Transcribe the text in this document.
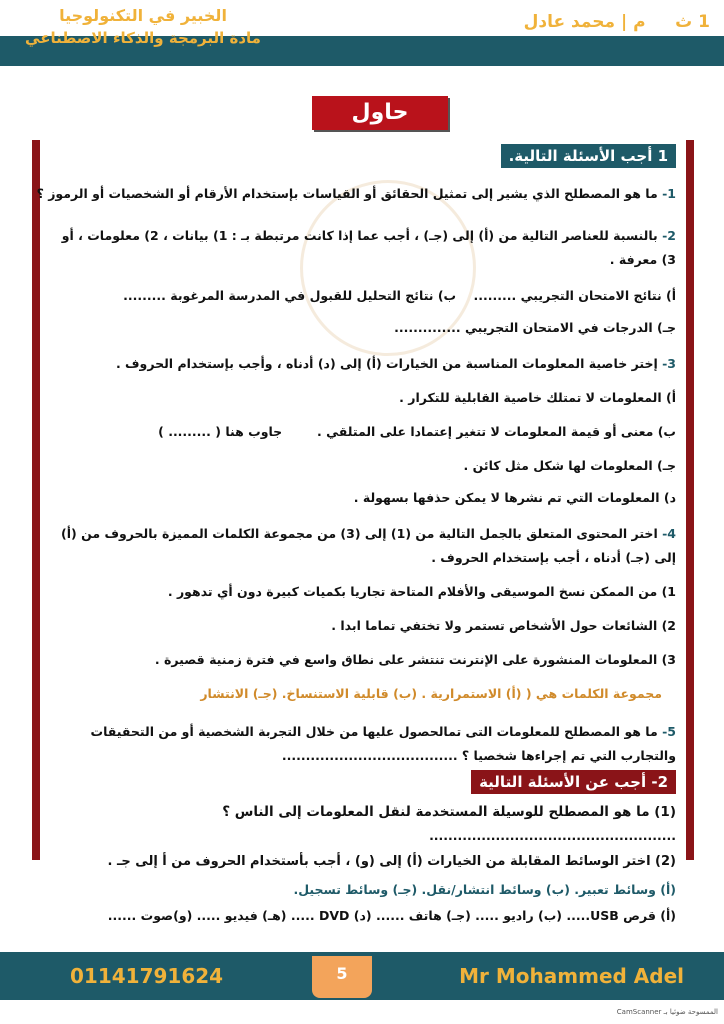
الخبير في التكنولوجيا
مادة البرمجة والذكاء الاصطناعي
1 ث     م | محمد عادل
حاول بنفسك	1 أجب الأسئلة التالية.
1- ما هو المصطلح الذي يشير إلى تمثيل الحقائق أو القياسات بإستخدام الأرقام أو الشخصيات أو الرموز ؟
2- بالنسبة للعناصر التالية من (أ) إلى (جـ) ، أجب عما إذا كانت مرتبطة بـ : 1) بيانات ، 2) معلومات ، أو 3) معرفة .
أ) نتائج الامتحان التجريبي .........    ب) نتائج التحليل للقبول في المدرسة المرغوبة .........
جـ) الدرجات في الامتحان التجريبي ..............
3- إختر خاصية المعلومات المناسبة من الخيارات (أ) إلى (د) أدناه ، وأجب بإستخدام الحروف .
أ) المعلومات لا تمتلك خاصية القابلية للتكرار .
ب) معنى أو قيمة المعلومات لا تتغير إعتمادا على المتلقي .        جاوب هنا ( ......... )
جـ) المعلومات لها شكل مثل كائن .
د) المعلومات التي تم نشرها لا يمكن حذفها بسهولة .
4- اختر المحتوى المتعلق بالجمل التالية من (1) إلى (3) من مجموعة الكلمات المميزة بالحروف من (أ) إلى (جـ) أدناه ، أجب بإستخدام الحروف .
1) من الممكن نسخ الموسيقى والأفلام المتاحة تجاريا بكميات كبيرة دون أي تدهور .
2) الشائعات حول الأشخاص تستمر ولا تختفي تماما ابدا .
3) المعلومات المنشورة على الإنترنت تنتشر على نطاق واسع في فترة زمنية قصيرة .
مجموعة الكلمات هي ( (أ) الاستمرارية . (ب) قابلية الاستنساخ. (جـ) الانتشار
5- ما هو المصطلح للمعلومات التى تمالحصول عليها من خلال التجربة الشخصية أو من التحقيقات والتجارب التي تم إجراءها شخصيا ؟ .....................................
2- أجب عن الأسئلة التالية
(1) ما هو المصطلح للوسيلة المستخدمة لنقل المعلومات إلى الناس ؟
....................................................
(2) اختر الوسائط المقابلة من الخيارات (أ) إلى (و) ، أجب بأستخدام الحروف من أ إلى جـ .
(أ) وسائط تعبير. (ب) وسائط انتشار/نقل. (جـ) وسائط تسجيل.
(أ) قرص USB..... (ب) راديو ..... (جـ) هاتف ...... (د) DVD ..... (هـ) فيديو ..... (و)صوت ......
01141791624	5	Mr Mohammed Adel
CamScanner الممسوحة ضوئيا بـ
